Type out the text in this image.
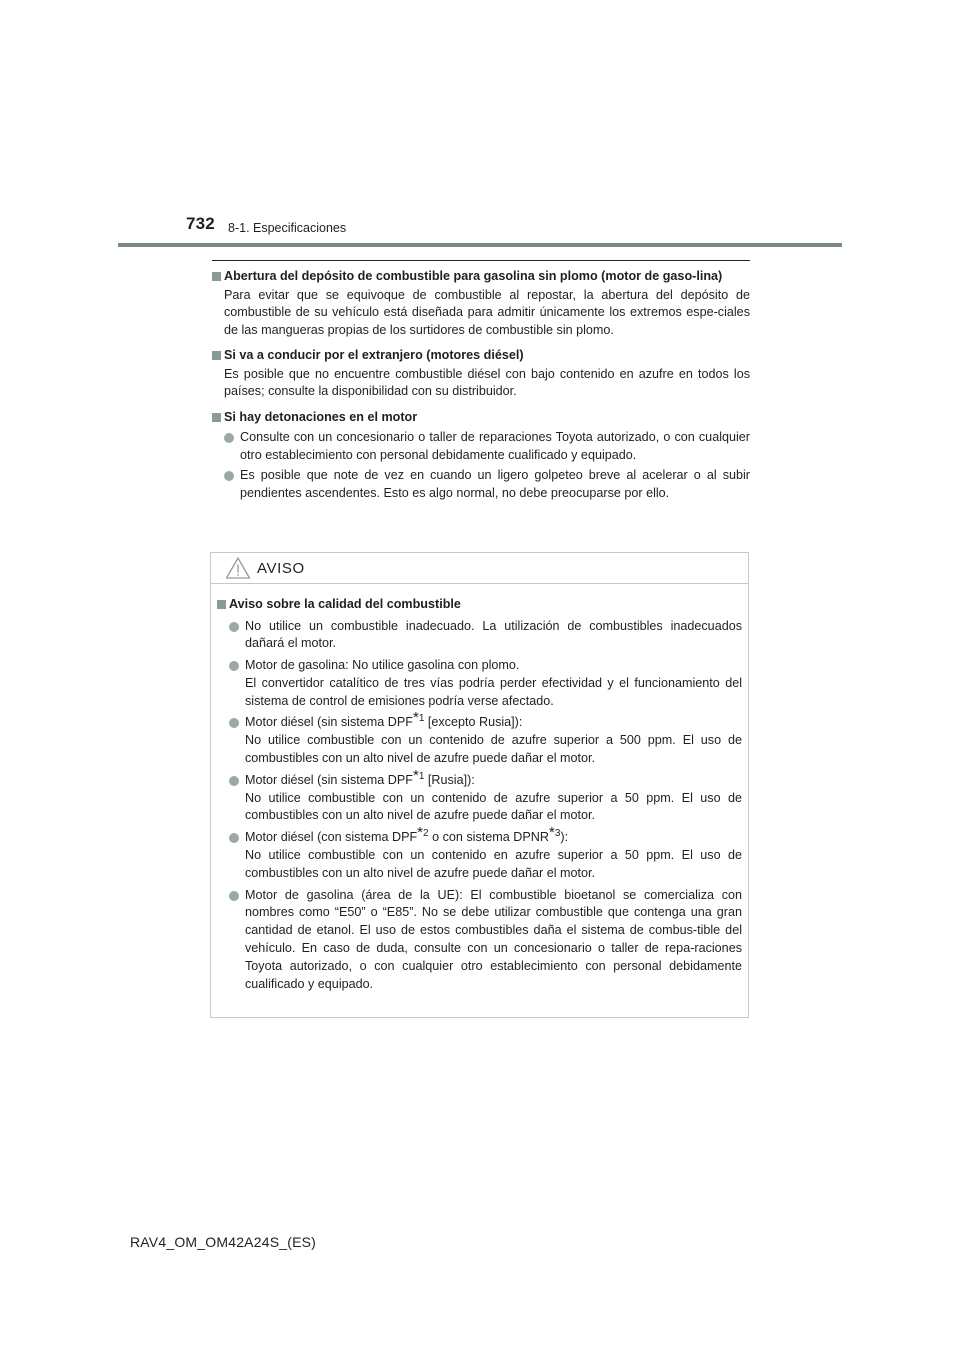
732 8-1. Especificaciones
Abertura del depósito de combustible para gasolina sin plomo (motor de gaso-lina)
Para evitar que se equivoque de combustible al repostar, la abertura del depósito de combustible de su vehículo está diseñada para admitir únicamente los extremos espe-ciales de las mangueras propias de los surtidores de combustible sin plomo.
Si va a conducir por el extranjero (motores diésel)
Es posible que no encuentre combustible diésel con bajo contenido en azufre en todos los países; consulte la disponibilidad con su distribuidor.
Si hay detonaciones en el motor
Consulte con un concesionario o taller de reparaciones Toyota autorizado, o con cualquier otro establecimiento con personal debidamente cualificado y equipado.
Es posible que note de vez en cuando un ligero golpeteo breve al acelerar o al subir pendientes ascendentes. Esto es algo normal, no debe preocuparse por ello.
AVISO
Aviso sobre la calidad del combustible
No utilice un combustible inadecuado. La utilización de combustibles inadecuados dañará el motor.
Motor de gasolina: No utilice gasolina con plomo.
El convertidor catalítico de tres vías podría perder efectividad y el funcionamiento del sistema de control de emisiones podría verse afectado.
Motor diésel (sin sistema DPF*$^1$ [excepto Rusia]):
No utilice combustible con un contenido de azufre superior a 500 ppm. El uso de combustibles con un alto nivel de azufre puede dañar el motor.
Motor diésel (sin sistema DPF*$^1$ [Rusia]):
No utilice combustible con un contenido de azufre superior a 50 ppm. El uso de combustibles con un alto nivel de azufre puede dañar el motor.
Motor diésel (con sistema DPF*$^2$ o con sistema DPNR*$^3$):
No utilice combustible con un contenido en azufre superior a 50 ppm. El uso de combustibles con un alto nivel de azufre puede dañar el motor.
Motor de gasolina (área de la UE): El combustible bioetanol se comercializa con nombres como “E50” o “E85”. No se debe utilizar combustible que contenga una gran cantidad de etanol. El uso de estos combustibles daña el sistema de combus-tible del vehículo. En caso de duda, consulte con un concesionario o taller de repa-raciones Toyota autorizado, o con cualquier otro establecimiento con personal debidamente cualificado y equipado.
RAV4_OM_OM42A24S_(ES)
